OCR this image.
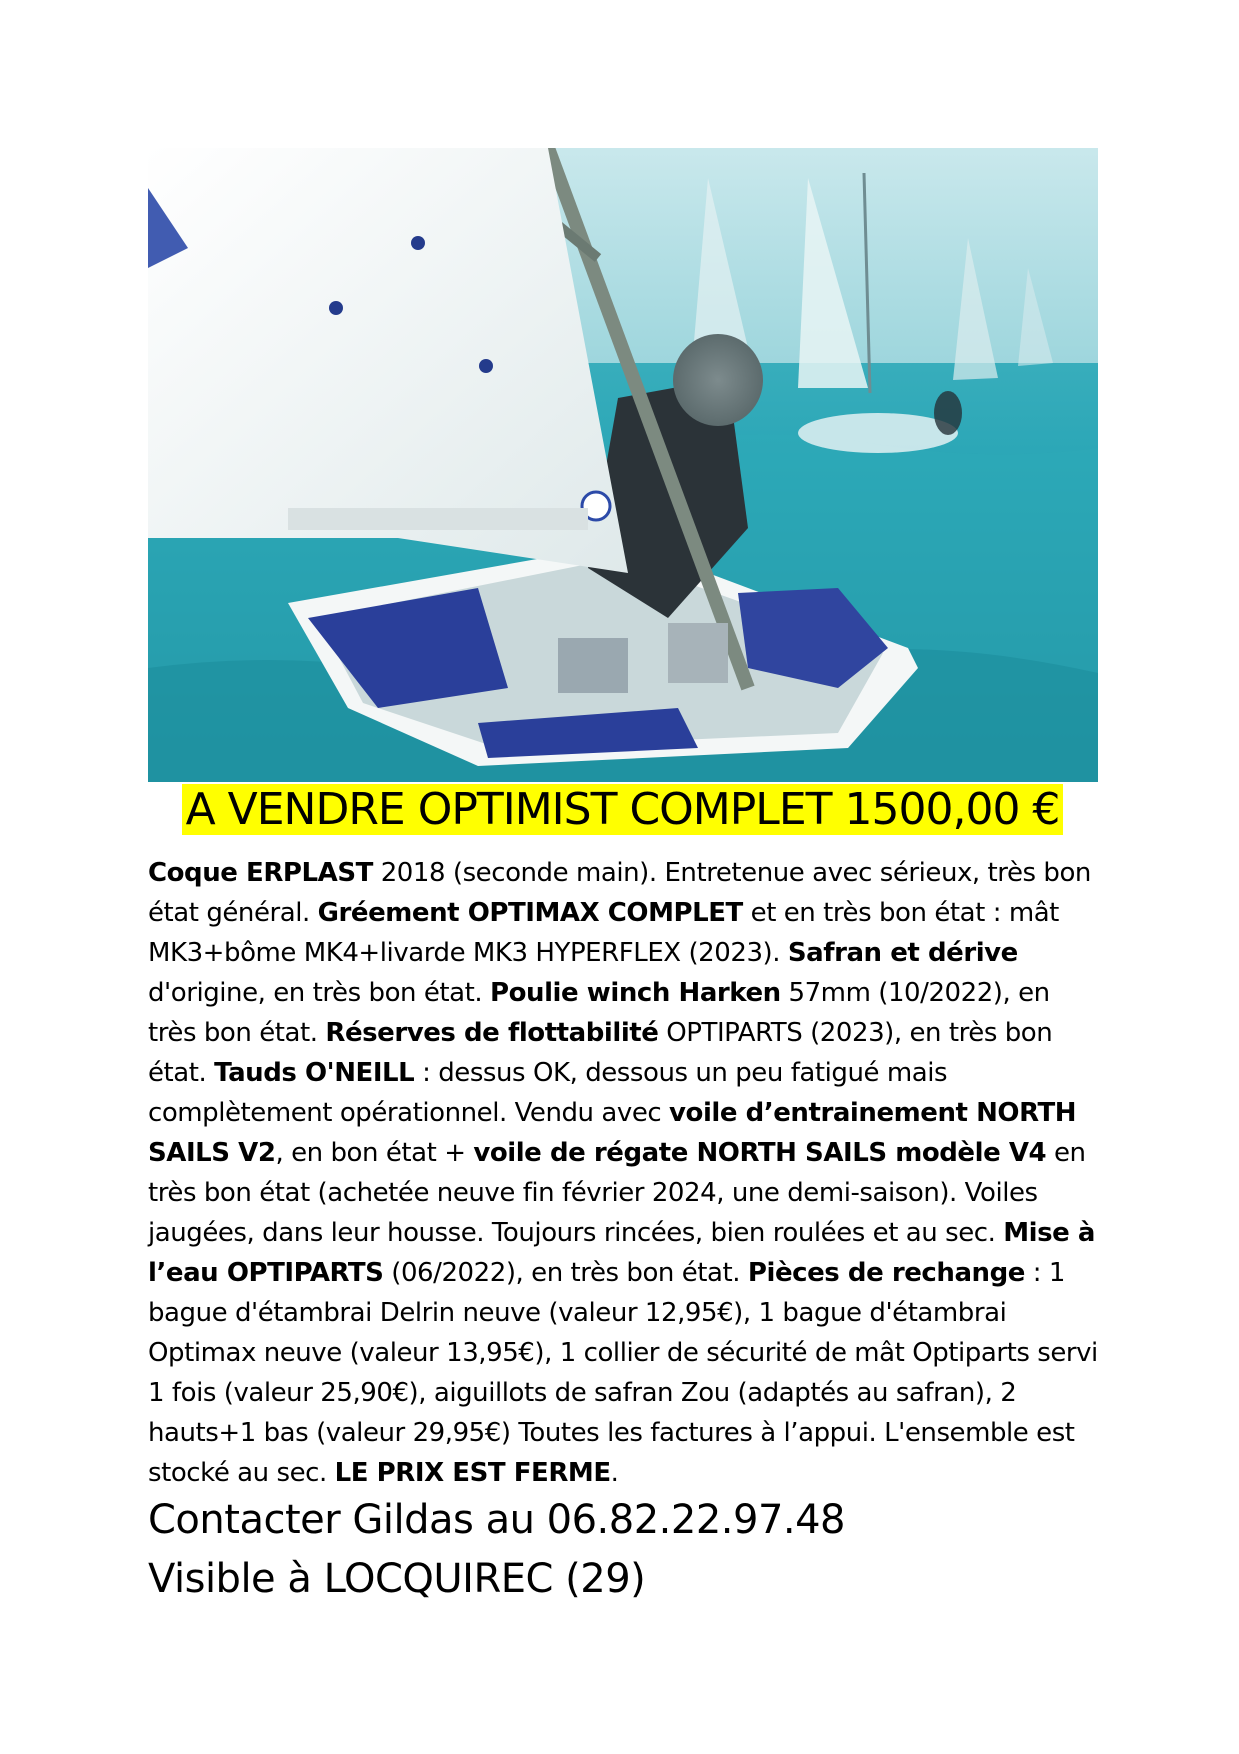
A VENDRE OPTIMIST COMPLET 1500,00 €
Coque ERPLAST 2018 (seconde main). Entretenue avec sérieux, très bon état général. Gréement OPTIMAX COMPLET et en très bon état : mât MK3+bôme MK4+livarde MK3 HYPERFLEX (2023). Safran et dérive d'origine, en très bon état. Poulie winch Harken 57mm (10/2022), en très bon état. Réserves de flottabilité OPTIPARTS (2023), en très bon état. Tauds O'NEILL : dessus OK, dessous un peu fatigué mais complètement opérationnel. Vendu avec voile d’entrainement NORTH SAILS V2, en bon état + voile de régate NORTH SAILS modèle V4 en très bon état (achetée neuve fin février 2024, une demi-saison). Voiles jaugées, dans leur housse. Toujours rincées, bien roulées et au sec. Mise à l’eau OPTIPARTS (06/2022), en très bon état. Pièces de rechange : 1 bague d'étambrai Delrin neuve (valeur 12,95€), 1 bague d'étambrai Optimax neuve (valeur 13,95€), 1 collier de sécurité de mât Optiparts servi 1 fois (valeur 25,90€), aiguillots de safran Zou (adaptés au safran), 2 hauts+1 bas (valeur 29,95€) Toutes les factures à l’appui. L'ensemble est stocké au sec. LE PRIX EST FERME.
Contacter Gildas au 06.82.22.97.48
Visible à LOCQUIREC (29)
